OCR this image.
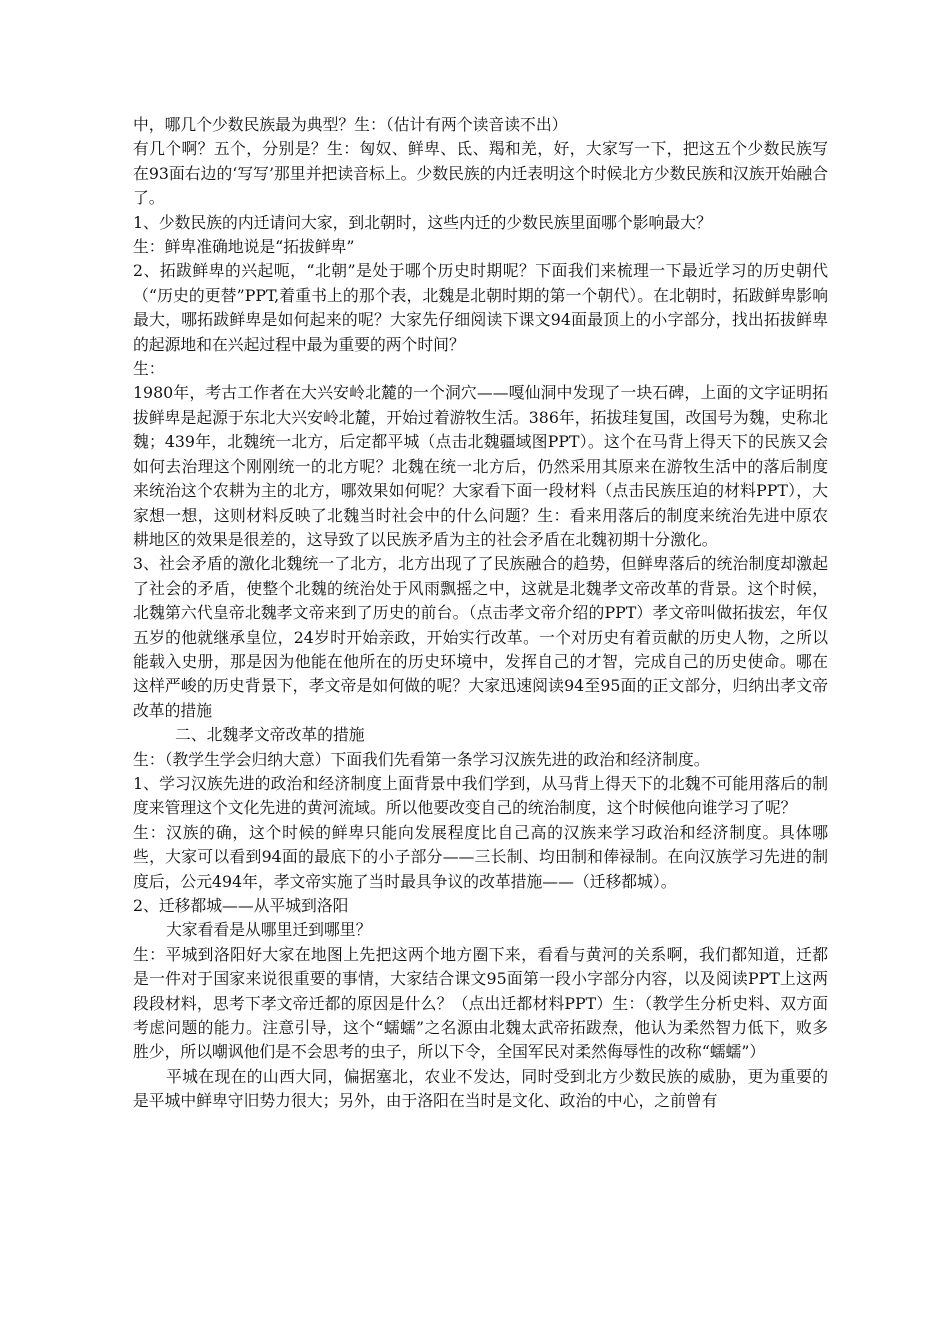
中，哪几个少数民族最为典型？生：（估计有两个读音读不出）

有几个啊？五个，分别是？生：匈奴、鲜卑、氐、羯和羌，好，大家写一下，把这五个少数民族写在93面右边的‘写写’那里并把读音标上。少数民族的内迁表明这个时候北方少数民族和汉族开始融合了。

1、少数民族的内迁请问大家，到北朝时，这些内迁的少数民族里面哪个影响最大？

生：鲜卑准确地说是“拓拔鲜卑”

2、拓跋鲜卑的兴起呃，“北朝”是处于哪个历史时期呢？下面我们来梳理一下最近学习的历史朝代（“历史的更替”PPT,着重书上的那个表，北魏是北朝时期的第一个朝代）。在北朝时，拓跋鲜卑影响最大，哪拓跋鲜卑是如何起来的呢？大家先仔细阅读下课文94面最顶上的小字部分，找出拓拔鲜卑的起源地和在兴起过程中最为重要的两个时间？

生：

1980年，考古工作者在大兴安岭北麓的一个洞穴——嘎仙洞中发现了一块石碑，上面的文字证明拓拔鲜卑是起源于东北大兴安岭北麓，开始过着游牧生活。386年，拓拔珪复国，改国号为魏，史称北魏；439年，北魏统一北方，后定都平城（点击北魏疆域图PPT）。这个在马背上得天下的民族又会如何去治理这个刚刚统一的北方呢？北魏在统一北方后，仍然采用其原来在游牧生活中的落后制度来统治这个农耕为主的北方，哪效果如何呢？大家看下面一段材料（点击民族压迫的材料PPT），大家想一想，这则材料反映了北魏当时社会中的什么问题？生：看来用落后的制度来统治先进中原农耕地区的效果是很差的，这导致了以民族矛盾为主的社会矛盾在北魏初期十分激化。

3、社会矛盾的激化北魏统一了北方，北方出现了了民族融合的趋势，但鲜卑落后的统治制度却激起了社会的矛盾，使整个北魏的统治处于风雨飘摇之中，这就是北魏孝文帝改革的背景。这个时候，北魏第六代皇帝北魏孝文帝来到了历史的前台。（点击孝文帝介绍的PPT）孝文帝叫做拓拔宏，年仅五岁的他就继承皇位，24岁时开始亲政，开始实行改革。一个对历史有着贡献的历史人物，之所以能载入史册，那是因为他能在他所在的历史环境中，发挥自己的才智，完成自己的历史使命。哪在这样严峻的历史背景下，孝文帝是如何做的呢？大家迅速阅读94至95面的正文部分，归纳出孝文帝改革的措施

二、北魏孝文帝改革的措施

生：（教学生学会归纳大意）下面我们先看第一条学习汉族先进的政治和经济制度。

1、学习汉族先进的政治和经济制度上面背景中我们学到，从马背上得天下的北魏不可能用落后的制度来管理这个文化先进的黄河流域。所以他要改变自己的统治制度，这个时候他向谁学习了呢？

生：汉族的确，这个时候的鲜卑只能向发展程度比自己高的汉族来学习政治和经济制度。具体哪些，大家可以看到94面的最底下的小子部分——三长制、均田制和俸禄制。在向汉族学习先进的制度后，公元494年，孝文帝实施了当时最具争议的改革措施——（迁移都城）。

2、迁移都城——从平城到洛阳

大家看看是从哪里迁到哪里？

生：平城到洛阳好大家在地图上先把这两个地方圈下来，看看与黄河的关系啊，我们都知道，迁都是一件对于国家来说很重要的事情，大家结合课文95面第一段小字部分内容，以及阅读PPT上这两段段材料，思考下孝文帝迁都的原因是什么？（点出迁都材料PPT）生：（教学生分析史料、双方面考虑问题的能力。注意引导，这个“蠕蠕”之名源由北魏太武帝拓跋焘，他认为柔然智力低下，败多胜少，所以嘲讽他们是不会思考的虫子，所以下令，全国军民对柔然侮辱性的改称“蠕蠕”）

平城在现在的山西大同，偏据塞北，农业不发达，同时受到北方少数民族的威胁，更为重要的是平城中鲜卑守旧势力很大；另外，由于洛阳在当时是文化、政治的中心，之前曾有
